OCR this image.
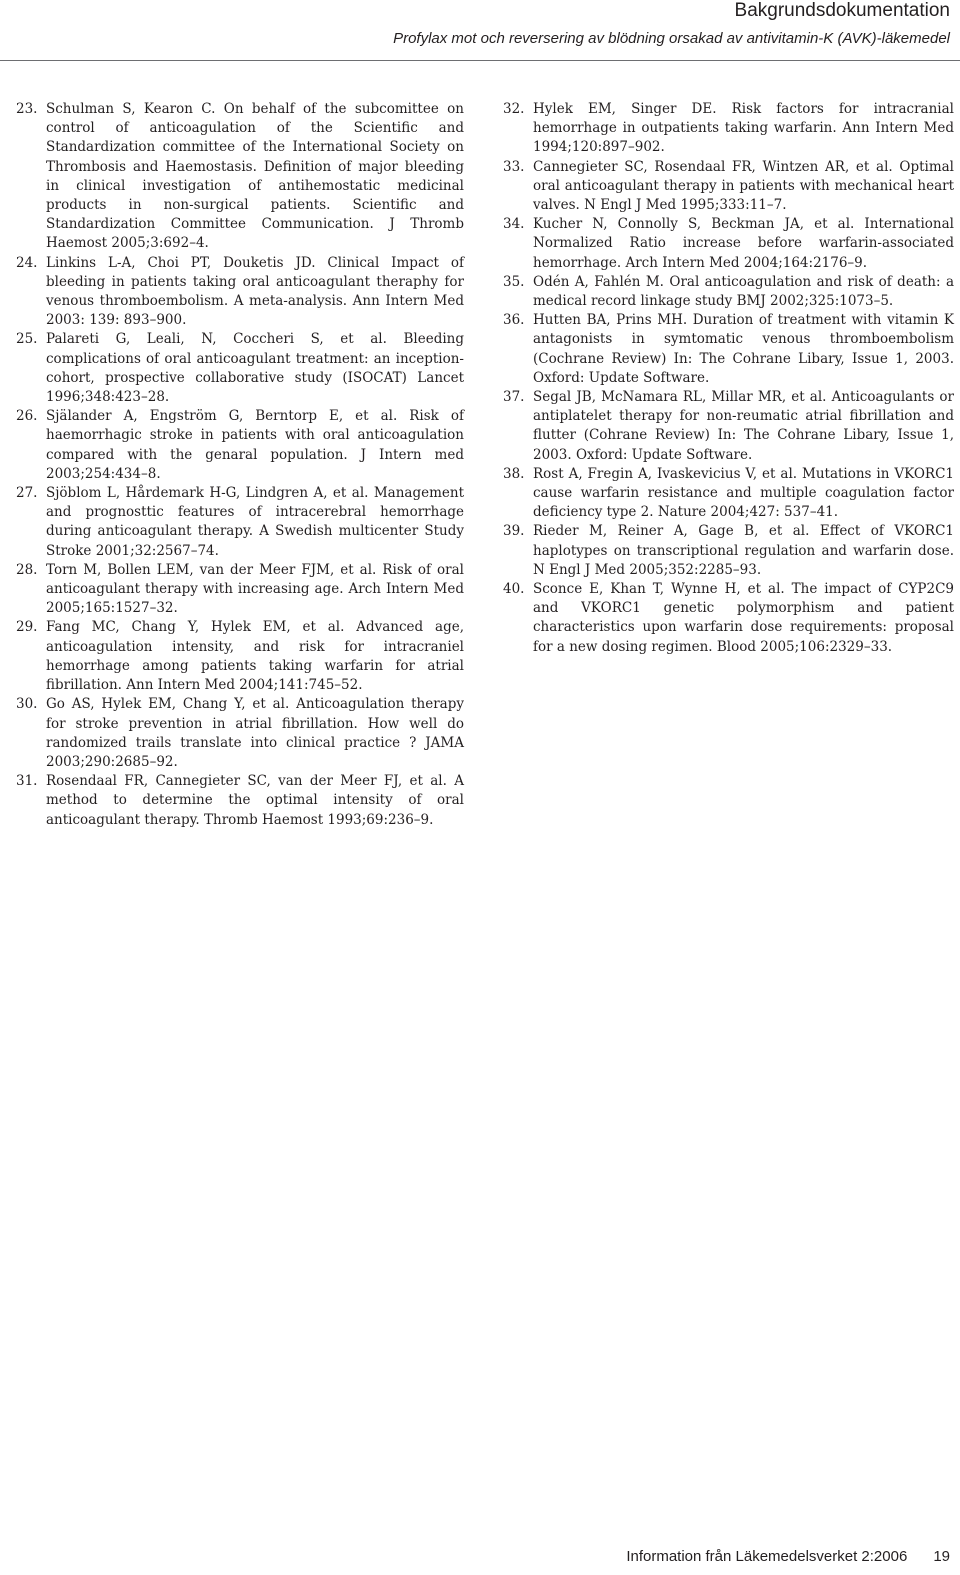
Bakgrundsdokumentation
Profylax mot och reversering av blödning orsakad av antivitamin-K (AVK)-läkemedel
23. Schulman S, Kearon C. On behalf of the subcomittee on control of anticoagulation of the Scientific and Standardization committee of the International Society on Thrombosis and Haemostasis. Definition of major bleeding in clinical investigation of antihemostatic medicinal products in non-surgical patients. Scientific and Standardization Committee Communication. J Thromb Haemost 2005;3:692–4.
24. Linkins L-A, Choi PT, Douketis JD. Clinical Impact of bleeding in patients taking oral anticoagulant theraphy for venous thromboembolism. A meta-analysis. Ann Intern Med 2003: 139: 893–900.
25. Palareti G, Leali, N, Coccheri S, et al. Bleeding complications of oral anticoagulant treatment: an inception-cohort, prospective collaborative study (ISOCAT) Lancet 1996;348:423–28.
26. Själander A, Engström G, Berntorp E, et al. Risk of haemorrhagic stroke in patients with oral anticoagulation compared with the genaral population. J Intern med 2003;254:434–8.
27. Sjöblom L, Hårdemark H-G, Lindgren A, et al. Management and prognosttic features of intracerebral hemorrhage during anticoagulant therapy. A Swedish multicenter Study Stroke 2001;32:2567–74.
28. Torn M, Bollen LEM, van der Meer FJM, et al. Risk of oral anticoagulant therapy with increasing age. Arch Intern Med 2005;165:1527–32.
29. Fang MC, Chang Y, Hylek EM, et al. Advanced age, anticoagulation intensity, and risk for intracraniel hemorrhage among patients taking warfarin for atrial fibrillation. Ann Intern Med 2004;141:745–52.
30. Go AS, Hylek EM, Chang Y, et al. Anticoagulation therapy for stroke prevention in atrial fibrillation. How well do randomized trails translate into clinical practice ? JAMA 2003;290:2685–92.
31. Rosendaal FR, Cannegieter SC, van der Meer FJ, et al. A method to determine the optimal intensity of oral anticoagulant therapy. Thromb Haemost 1993;69:236–9.
32. Hylek EM, Singer DE. Risk factors for intracranial hemorrhage in outpatients taking warfarin. Ann Intern Med 1994;120:897–902.
33. Cannegieter SC, Rosendaal FR, Wintzen AR, et al. Optimal oral anticoagulant therapy in patients with mechanical heart valves. N Engl J Med 1995;333:11–7.
34. Kucher N, Connolly S, Beckman JA, et al. International Normalized Ratio increase before warfarin-associated hemorrhage. Arch Intern Med 2004;164:2176–9.
35. Odén A, Fahlén M. Oral anticoagulation and risk of death: a medical record linkage study BMJ 2002;325:1073–5.
36. Hutten BA, Prins MH. Duration of treatment with vitamin K antagonists in symtomatic venous thromboembolism (Cochrane Review) In: The Cohrane Libary, Issue 1, 2003. Oxford: Update Software.
37. Segal JB, McNamara RL, Millar MR, et al. Anticoagulants or antiplatelet therapy for non-reumatic atrial fibrillation and flutter (Cohrane Review) In: The Cohrane Libary, Issue 1, 2003. Oxford: Update Software.
38. Rost A, Fregin A, Ivaskevicius V, et al. Mutations in VKORC1 cause warfarin resistance and multiple coagulation factor deficiency type 2. Nature 2004;427: 537–41.
39. Rieder M, Reiner A, Gage B, et al. Effect of VKORC1 haplotypes on transcriptional regulation and warfarin dose. N Engl J Med 2005;352:2285–93.
40. Sconce E, Khan T, Wynne H, et al. The impact of CYP2C9 and VKORC1 genetic polymorphism and patient characteristics upon warfarin dose requirements: proposal for a new dosing regimen. Blood 2005;106:2329–33.
Information från Läkemedelsverket 2:2006 19
